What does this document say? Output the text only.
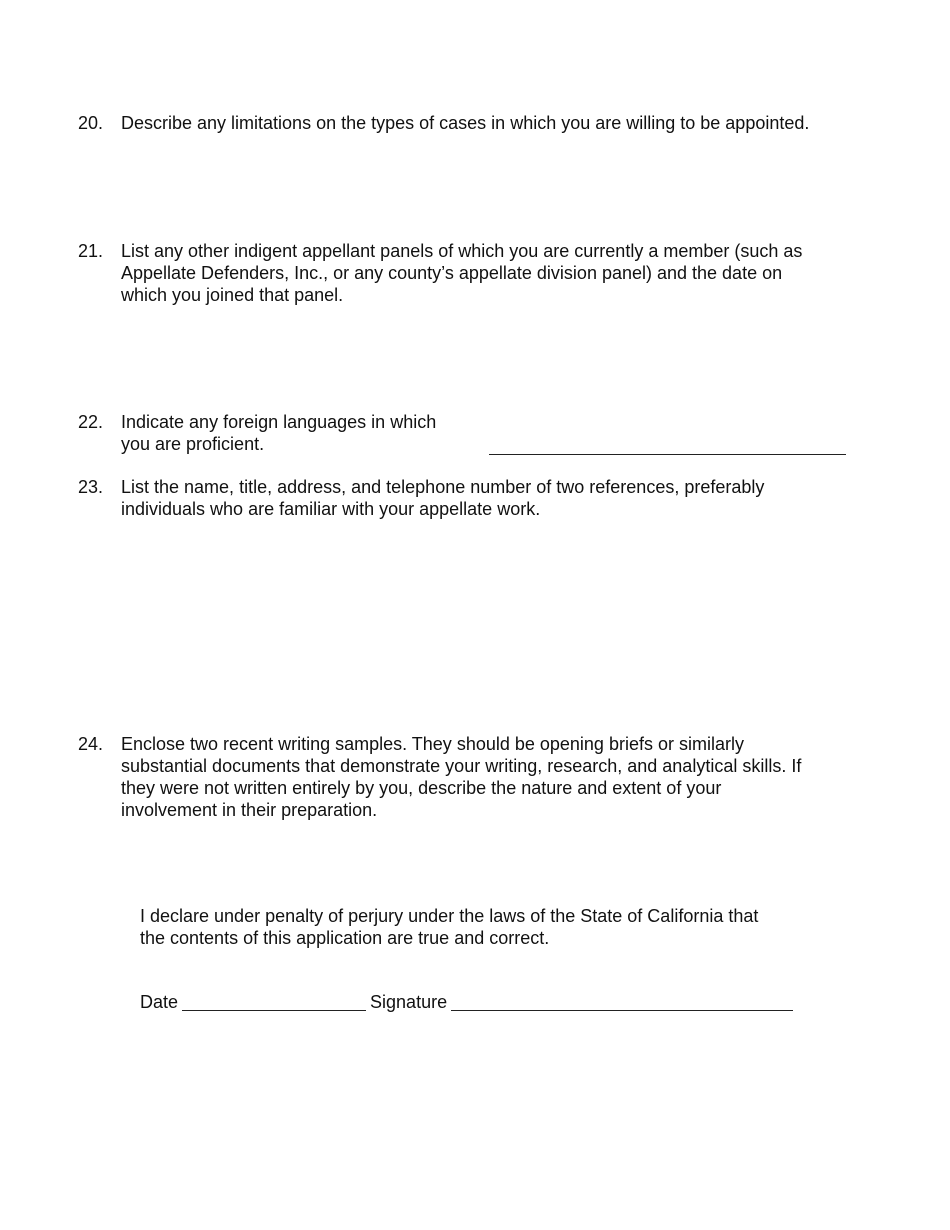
20. Describe any limitations on the types of cases in which you are willing to be appointed.
21. List any other indigent appellant panels of which you are currently a member (such as
Appellate Defenders, Inc., or any county’s appellate division panel) and the date on
which you joined that panel.
22. Indicate any foreign languages in which
you are proficient.
23. List the name, title, address, and telephone number of two references, preferably
individuals who are familiar with your appellate work.
24. Enclose two recent writing samples. They should be opening briefs or similarly
substantial documents that demonstrate your writing, research, and analytical skills. If
they were not written entirely by you, describe the nature and extent of your
involvement in their preparation.
I declare under penalty of perjury under the laws of the State of California that
the contents of this application are true and correct.
Date	Signature
